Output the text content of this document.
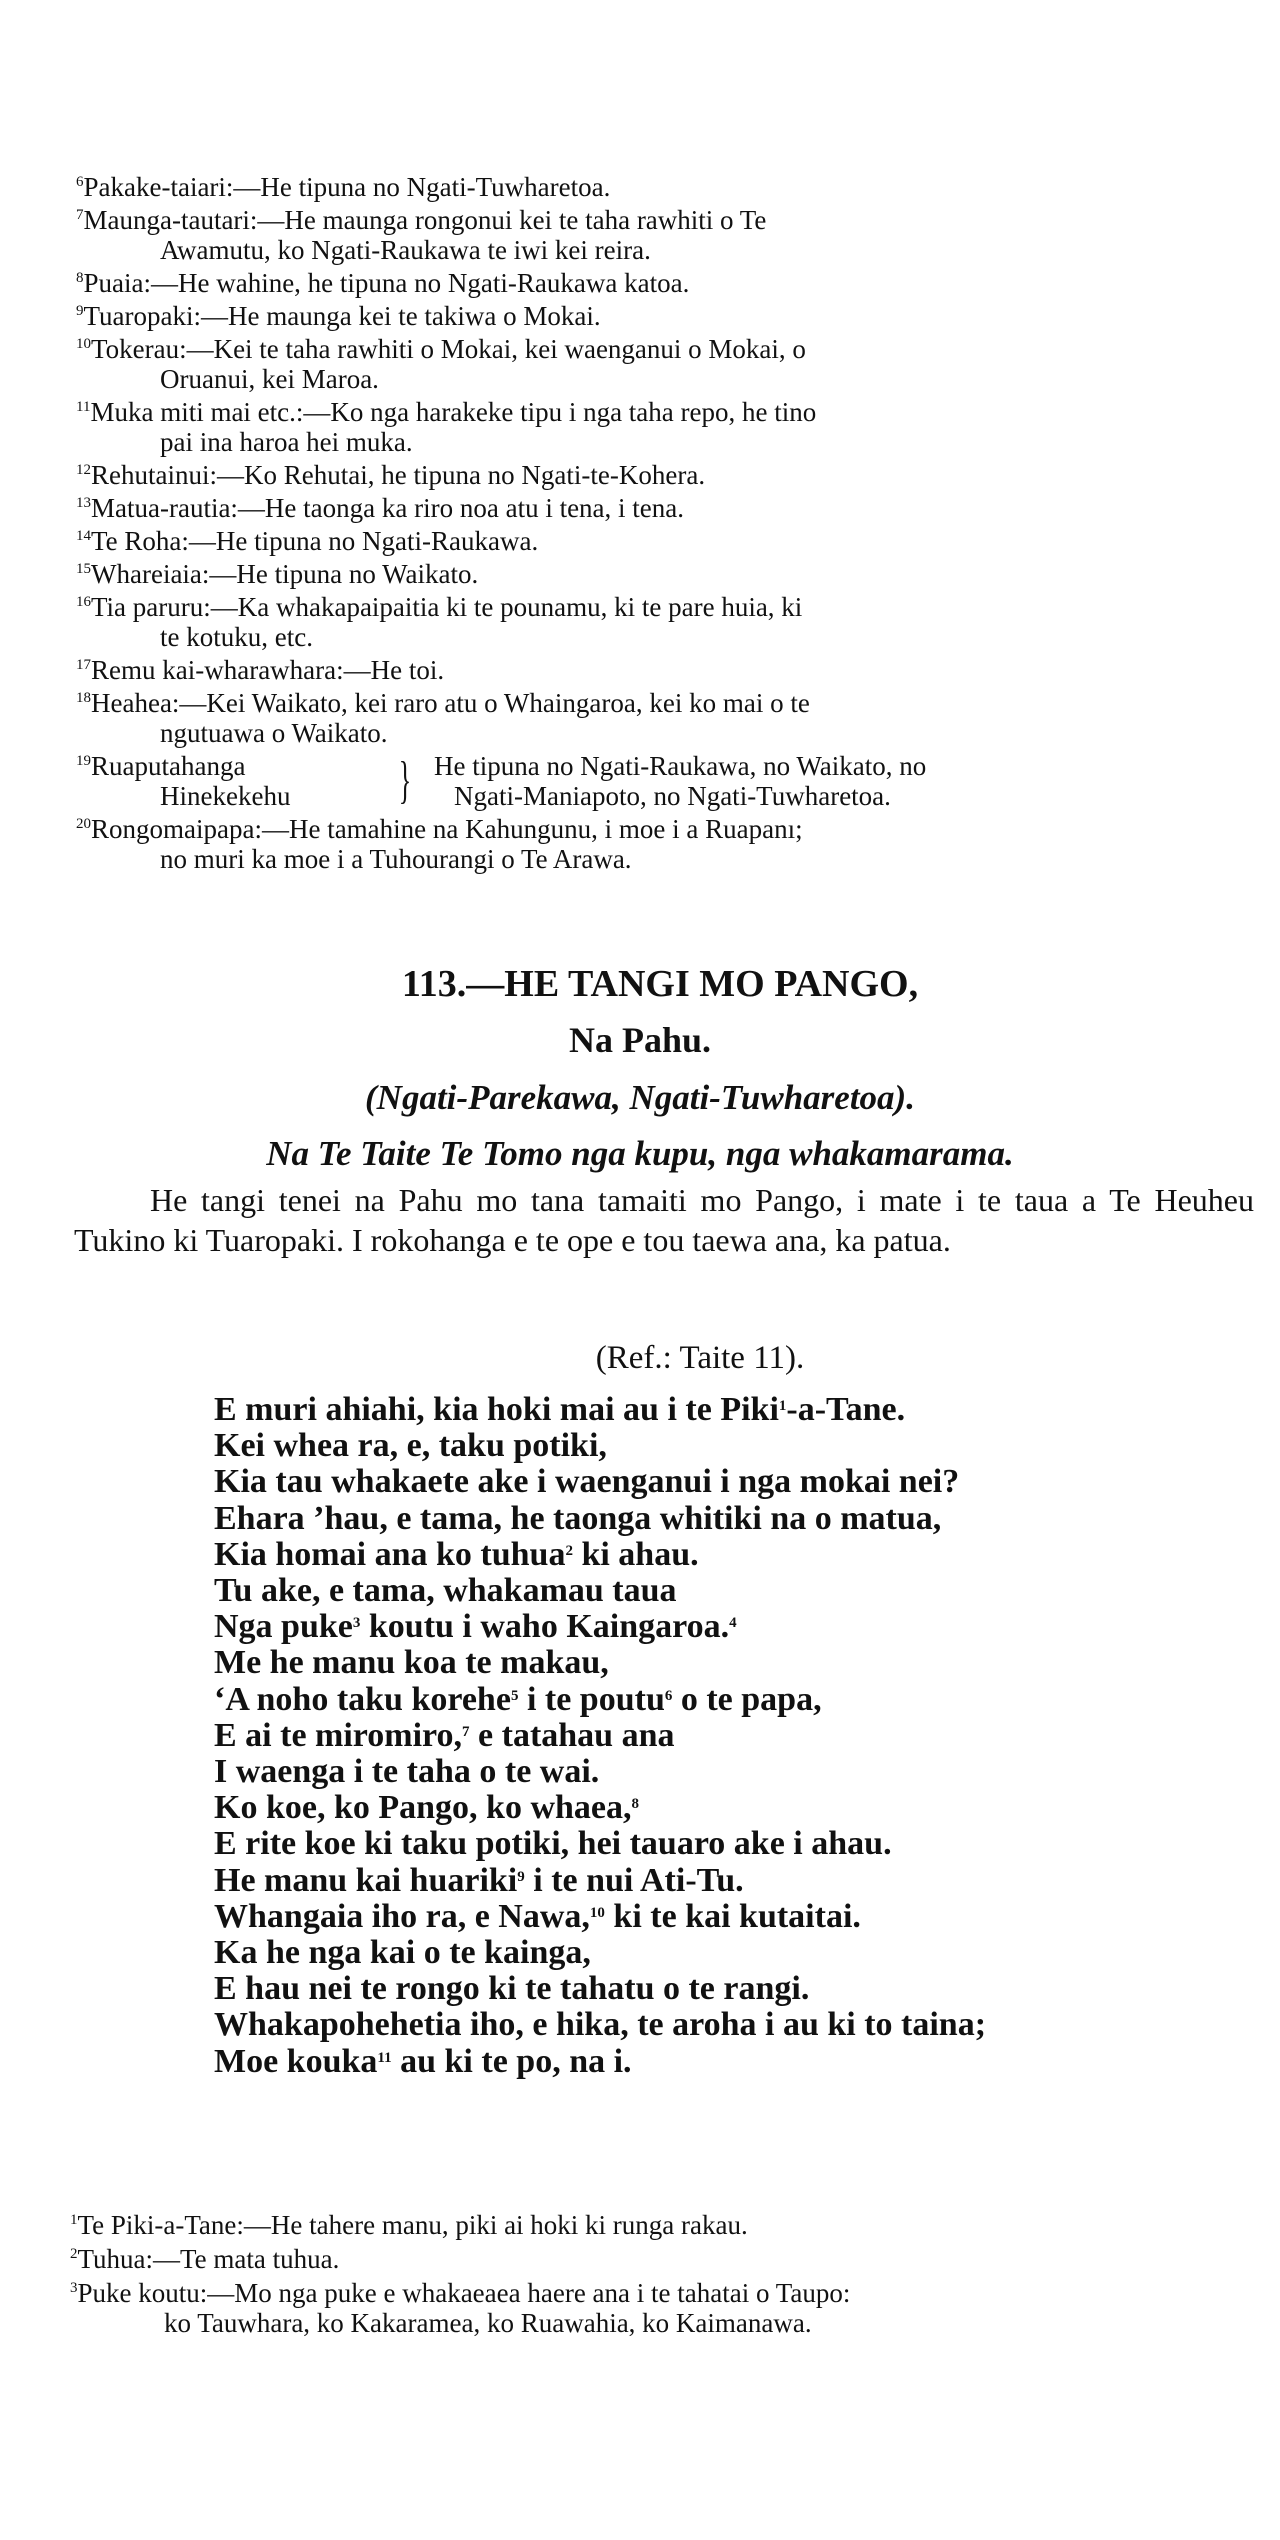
$^6$Pakake-taiari:—He tipuna no Ngati-Tuwharetoa.
$^7$Maunga-tautari:—He maunga rongonui kei te taha rawhiti o Te
Awamutu, ko Ngati-Raukawa te iwi kei reira.
$^8$Puaia:—He wahine, he tipuna no Ngati-Raukawa katoa.
$^9$Tuaropaki:—He maunga kei te takiwa o Mokai.
$^{10}$Tokerau:—Kei te taha rawhiti o Mokai, kei waenganui o Mokai, o
Oruanui, kei Maroa.
$^{11}$Muka miti mai etc.:—Ko nga harakeke tipu i nga taha repo, he tino
pai ina haroa hei muka.
$^{12}$Rehutainui:—Ko Rehutai, he tipuna no Ngati-te-Kohera.
$^{13}$Matua-rautia:—He taonga ka riro noa atu i tena, i tena.
$^{14}$Te Roha:—He tipuna no Ngati-Raukawa.
$^{15}$Whareiaia:—He tipuna no Waikato.
$^{16}$Tia paruru:—Ka whakapaipaitia ki te pounamu, ki te pare huia, ki
te kotuku, etc.
$^{17}$Remu kai-wharawhara:—He toi.
$^{18}$Heahea:—Kei Waikato, kei raro atu o Whaingaroa, kei ko mai o te
ngutuawa o Waikato.
$^{19}$Ruaputahanga
Hinekekehu	} He tipuna no Ngati-Raukawa, no Waikato, no
Ngati-Maniapoto, no Ngati-Tuwharetoa.
$^{20}$Rongomaipapa:—He tamahine na Kahungunu, i moe i a Ruapanı;
no muri ka moe i a Tuhourangi o Te Arawa.
113.—HE TANGI MO PANGO,
Na Pahu.
(Ngati-Parekawa, Ngati-Tuwharetoa).
Na Te Taite Te Tomo nga kupu, nga whakamarama.

He tangi tenei na Pahu mo tana tamaiti mo Pango, i mate i te taua a Te Heuheu Tukino ki Tuaropaki. I rokohanga e te ope e tou taewa ana, ka patua.

(Ref.: Taite 11).
E muri ahiahi, kia hoki mai au i te Piki$^1$-a-Tane.
Kei whea ra, e, taku potiki,
Kia tau whakaete ake i waenganui i nga mokai nei?
Ehara ’hau, e tama, he taonga whitiki na o matua,
Kia homai ana ko tuhua$^2$ ki ahau.
Tu ake, e tama, whakamau taua
Nga puke$^3$ koutu i waho Kaingaroa.$^4$
Me he manu koa te makau,
‘A noho taku korehe$^5$ i te poutu$^6$ o te papa,
E ai te miromiro,$^7$ e tatahau ana
I waenga i te taha o te wai.
Ko koe, ko Pango, ko whaea,$^8$
E rite koe ki taku potiki, hei tauaro ake i ahau.
He manu kai huariki$^9$ i te nui Ati-Tu.
Whangaia iho ra, e Nawa,$^{10}$ ki te kai kutaitai.
Ka he nga kai o te kainga,
E hau nei te rongo ki te tahatu o te rangi.
Whakapohehetia iho, e hika, te aroha i au ki to taina;
Moe kouka$^{11}$ au ki te po, na i.
$^1$Te Piki-a-Tane:—He tahere manu, piki ai hoki ki runga rakau.
$^2$Tuhua:—Te mata tuhua.
$^3$Puke koutu:—Mo nga puke e whakaeaea haere ana i te tahatai o Taupo:
ko Tauwhara, ko Kakaramea, ko Ruawahia, ko Kaimanawa.
